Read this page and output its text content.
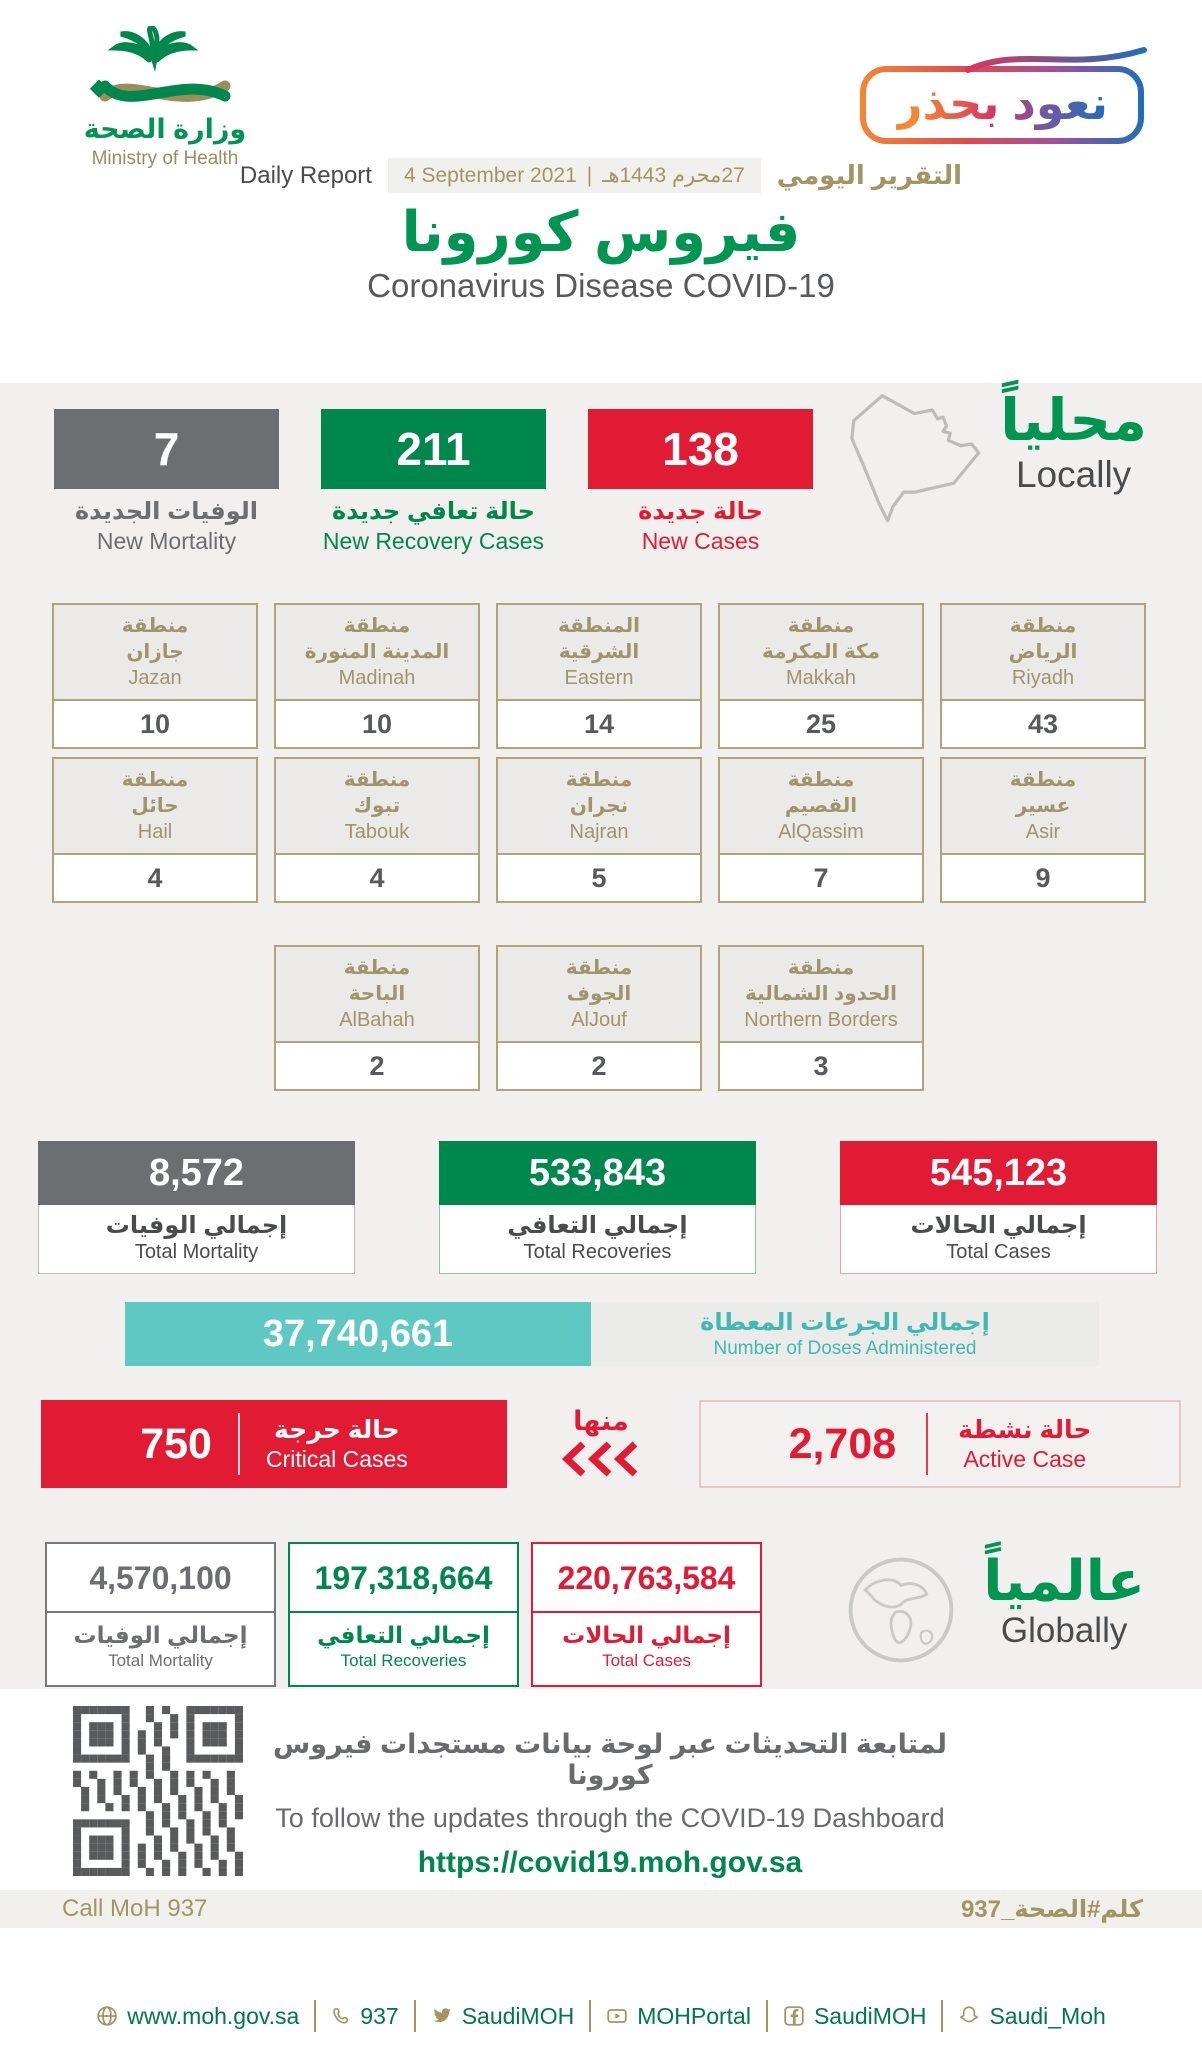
وزارة الصحة
Ministry of Health
نعود بحذر
Daily Report 4 September 2021 | 27محرم 1443هـ التقرير اليومي
فيروس كورونا
Coronavirus Disease COVID-19
7
الوفيات الجديدة
New Mortality
211
حالة تعافي جديدة
New Recovery Cases
138
حالة جديدة
New Cases
محلياً
Locally
منطقة
جازان
Jazan
10
منطقة
المدينة المنورة
Madinah
10
المنطقة
الشرقية
Eastern
14
منطقة
مكة المكرمة
Makkah
25
منطقة
الرياض
Riyadh
43
منطقة
حائل
Hail
4
منطقة
تبوك
Tabouk
4
منطقة
نجران
Najran
5
منطقة
القصيم
AlQassim
7
منطقة
عسير
Asir
9
منطقة
الباحة
AlBahah
2
منطقة
الجوف
AlJouf
2
منطقة
الحدود الشمالية
Northern Borders
3
8,572
إجمالي الوفيات
Total Mortality
533,843
إجمالي التعافي
Total Recoveries
545,123
إجمالي الحالات
Total Cases
37,740,661	إجمالي الجرعات المعطاة
Number of Doses Administered
750	حالة حرجة
Critical Cases
منها	2,708 حالة نشطة
Active Case
4,570,100
إجمالي الوفيات
Total Mortality
197,318,664
إجمالي التعافي
Total Recoveries
220,763,584
إجمالي الحالات
Total Cases
عالمياً
Globally
لمتابعة التحديثات عبر لوحة بيانات مستجدات فيروس كورونا
To follow the updates through the COVID-19 Dashboard
https://covid19.moh.gov.sa
Call MoH 937	كلم#الصحة_937
www.moh.gov.sa	937	SaudiMOH	MOHPortal	SaudiMOH	Saudi_Moh
